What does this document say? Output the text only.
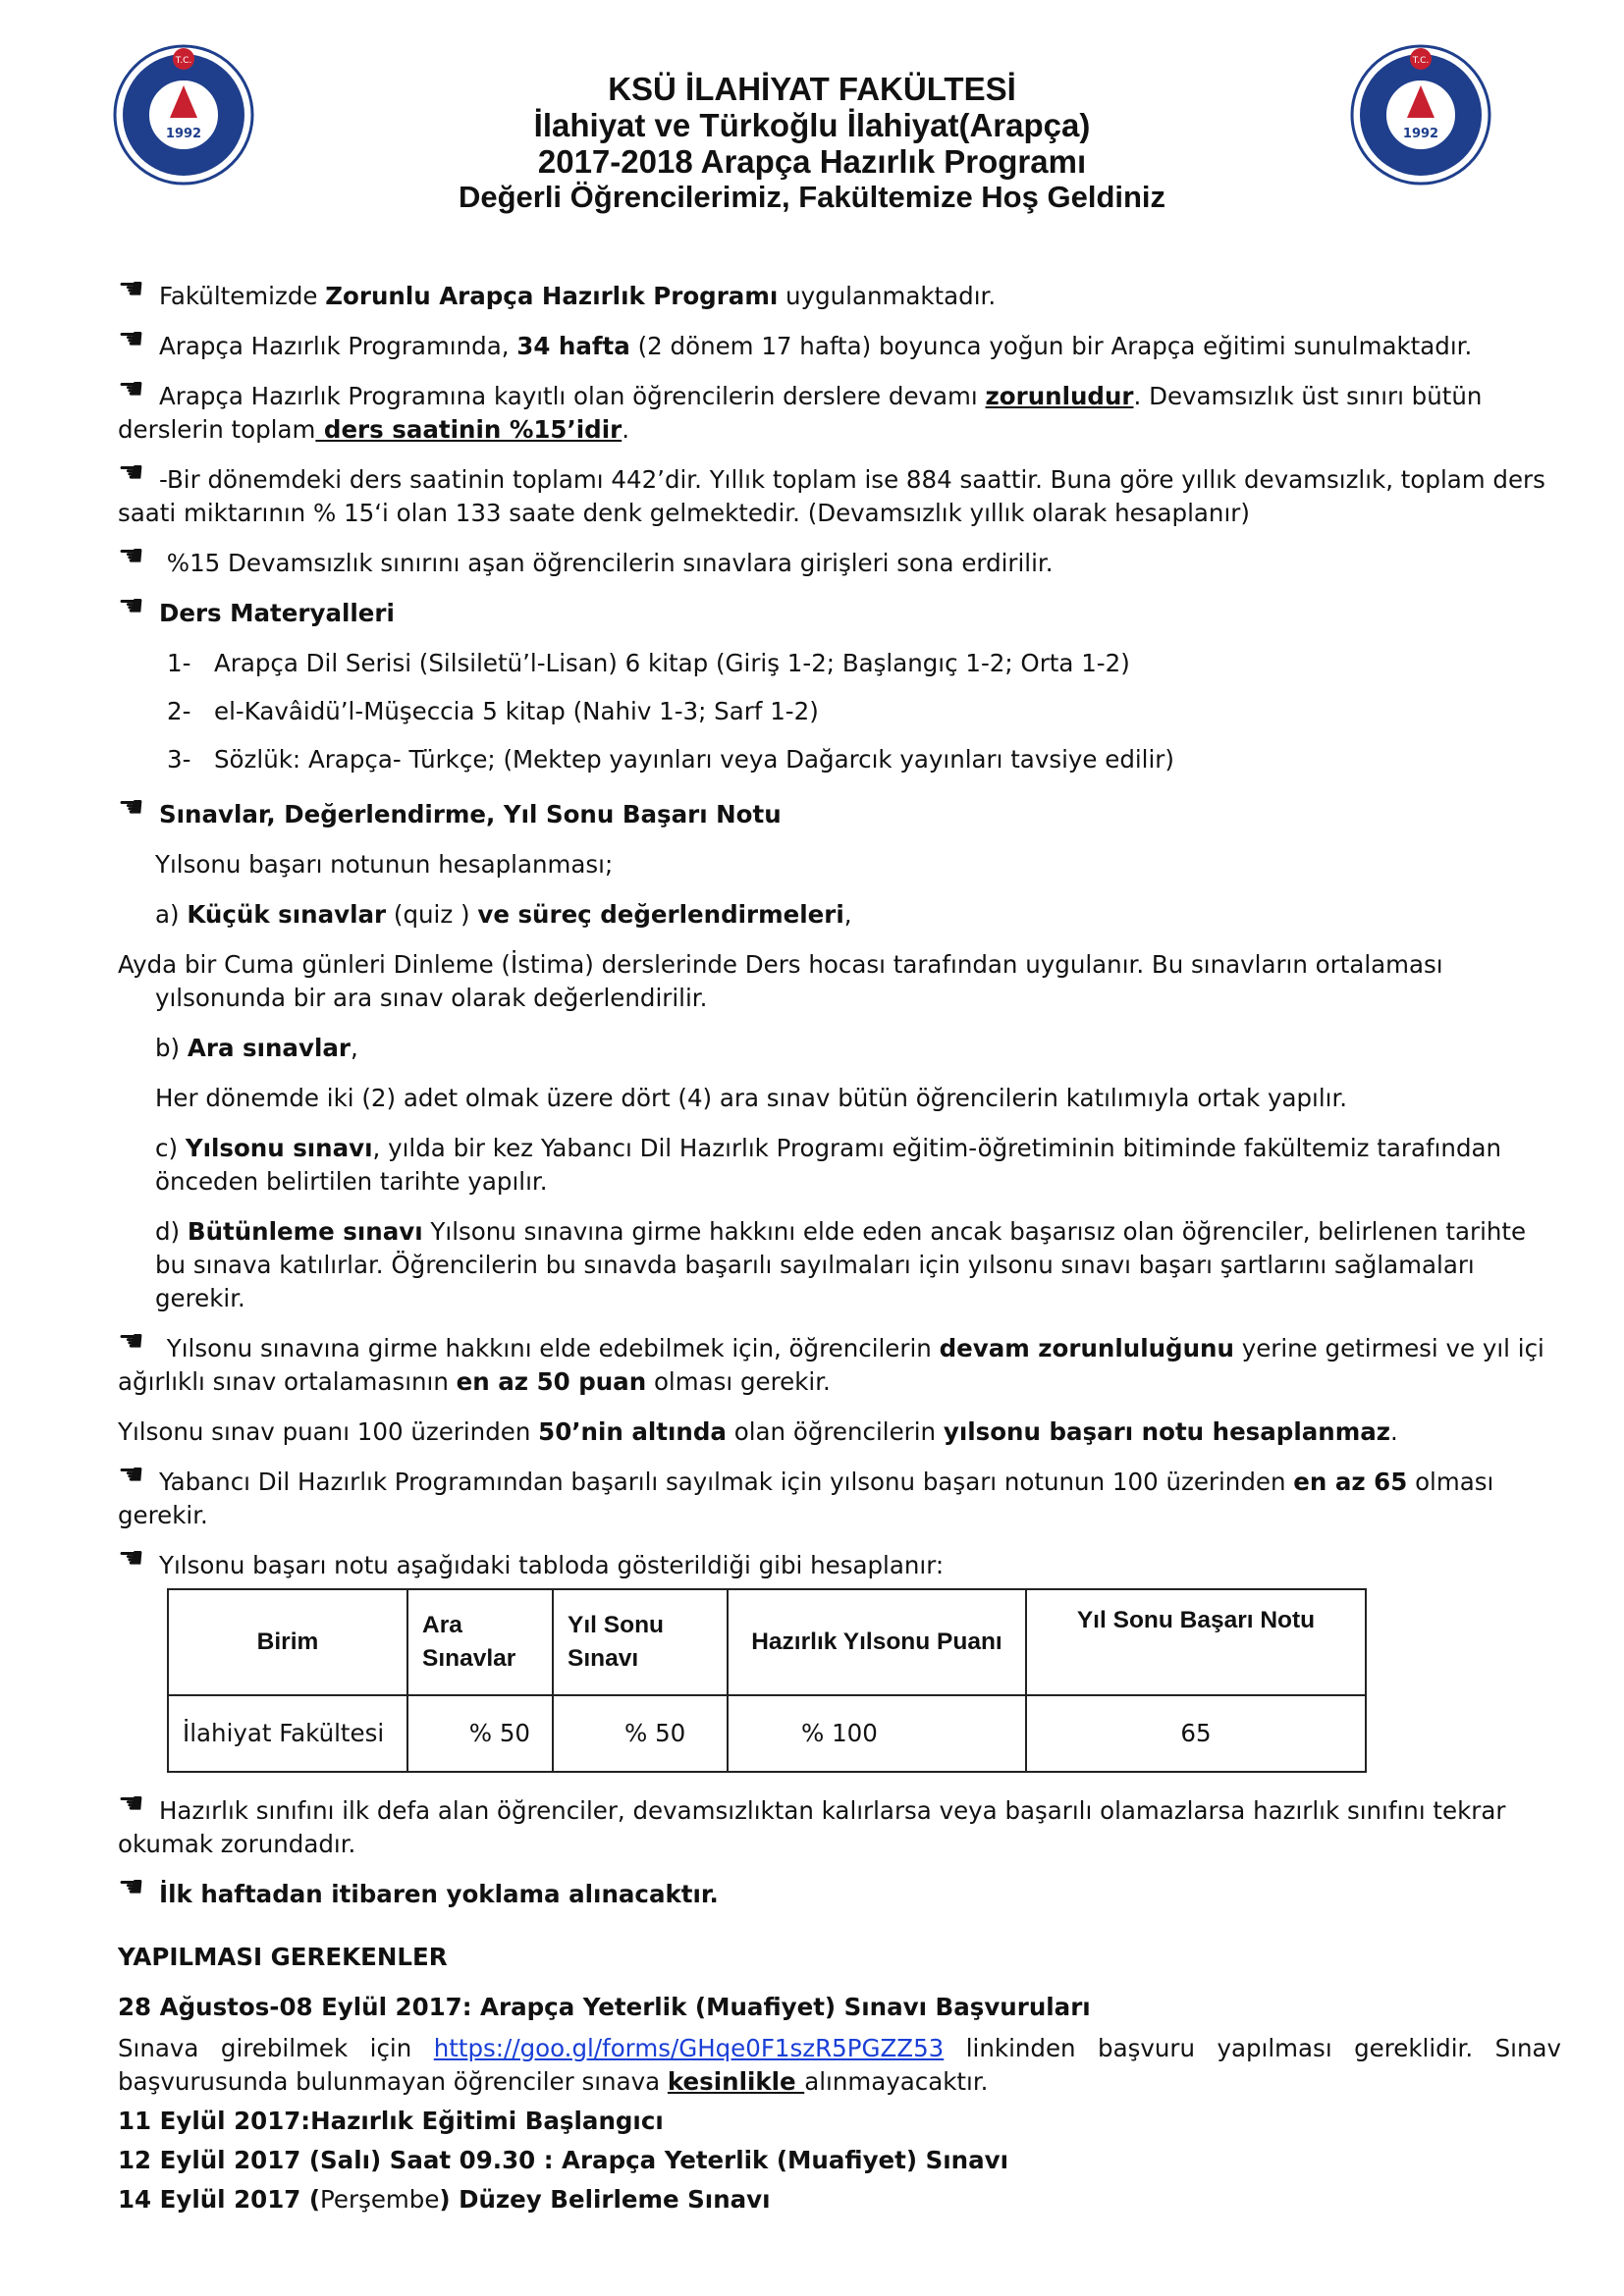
T.C.
1992
T.C.
1992
KSÜ İLAHİYAT FAKÜLTESİ
İlahiyat ve Türkoğlu İlahiyat(Arapça)
2017-2018 Arapça Hazırlık Programı
Değerli Öğrencilerimiz, Fakültemize Hoş Geldiniz

☚ Fakültemizde Zorunlu Arapça Hazırlık Programı uygulanmaktadır.

☚ Arapça Hazırlık Programında, 34 hafta (2 dönem 17 hafta) boyunca yoğun bir Arapça eğitimi sunulmaktadır.

☚ Arapça Hazırlık Programına kayıtlı olan öğrencilerin derslere devamı zorunludur. Devamsızlık üst sınırı bütün derslerin toplam ders saatinin %15’idir.

☚ -Bir dönemdeki ders saatinin toplamı 442’dir. Yıllık toplam ise 884 saattir. Buna göre yıllık devamsızlık, toplam ders saati miktarının % 15‘i olan 133 saate denk gelmektedir. (Devamsızlık yıllık olarak hesaplanır)

☚ %15 Devamsızlık sınırını aşan öğrencilerin sınavlara girişleri sona erdirilir.

☚ Ders Materyalleri

1- Arapça Dil Serisi (Silsiletü’l-Lisan) 6 kitap (Giriş 1-2; Başlangıç 1-2; Orta 1-2)

2- el-Kavâidü’l-Müşeccia 5 kitap (Nahiv 1-3; Sarf 1-2)

3- Sözlük: Arapça- Türkçe; (Mektep yayınları veya Dağarcık yayınları tavsiye edilir)

☚ Sınavlar, Değerlendirme, Yıl Sonu Başarı Notu

Yılsonu başarı notunun hesaplanması;

a) Küçük sınavlar (quiz ) ve süreç değerlendirmeleri,

Ayda bir Cuma günleri Dinleme (İstima) derslerinde Ders hocası tarafından uygulanır. Bu sınavların ortalaması yılsonunda bir ara sınav olarak değerlendirilir.

b) Ara sınavlar,

Her dönemde iki (2) adet olmak üzere dört (4) ara sınav bütün öğrencilerin katılımıyla ortak yapılır.

c) Yılsonu sınavı, yılda bir kez Yabancı Dil Hazırlık Programı eğitim-öğretiminin bitiminde fakültemiz tarafından önceden belirtilen tarihte yapılır.

d) Bütünleme sınavı Yılsonu sınavına girme hakkını elde eden ancak başarısız olan öğrenciler, belirlenen tarihte bu sınava katılırlar. Öğrencilerin bu sınavda başarılı sayılmaları için yılsonu sınavı başarı şartlarını sağlamaları gerekir.

☚ Yılsonu sınavına girme hakkını elde edebilmek için, öğrencilerin devam zorunluluğunu yerine getirmesi ve yıl içi ağırlıklı sınav ortalamasının en az 50 puan olması gerekir.

Yılsonu sınav puanı 100 üzerinden 50’nin altında olan öğrencilerin yılsonu başarı notu hesaplanmaz.

☚ Yabancı Dil Hazırlık Programından başarılı sayılmak için yılsonu başarı notunun 100 üzerinden en az 65 olması gerekir.

☚ Yılsonu başarı notu aşağıdaki tabloda gösterildiği gibi hesaplanır:

Birim	Ara Sınavlar	Yıl Sonu Sınavı	Hazırlık Yılsonu Puanı	Yıl Sonu Başarı Notu
İlahiyat Fakültesi	% 50	% 50	% 100	65

☚ Hazırlık sınıfını ilk defa alan öğrenciler, devamsızlıktan kalırlarsa veya başarılı olamazlarsa hazırlık sınıfını tekrar okumak zorundadır.

☚ İlk haftadan itibaren yoklama alınacaktır.

YAPILMASI GEREKENLER

28 Ağustos-08 Eylül 2017: Arapça Yeterlik (Muafiyet) Sınavı Başvuruları

Sınava girebilmek için https://goo.gl/forms/GHqe0F1szR5PGZZ53 linkinden başvuru yapılması gereklidir. Sınav başvurusunda bulunmayan öğrenciler sınava kesinlikle alınmayacaktır.

11 Eylül 2017:Hazırlık Eğitimi Başlangıcı

12 Eylül 2017 (Salı) Saat 09.30 : Arapça Yeterlik (Muafiyet) Sınavı

14 Eylül 2017 (Perşembe) Düzey Belirleme Sınavı
